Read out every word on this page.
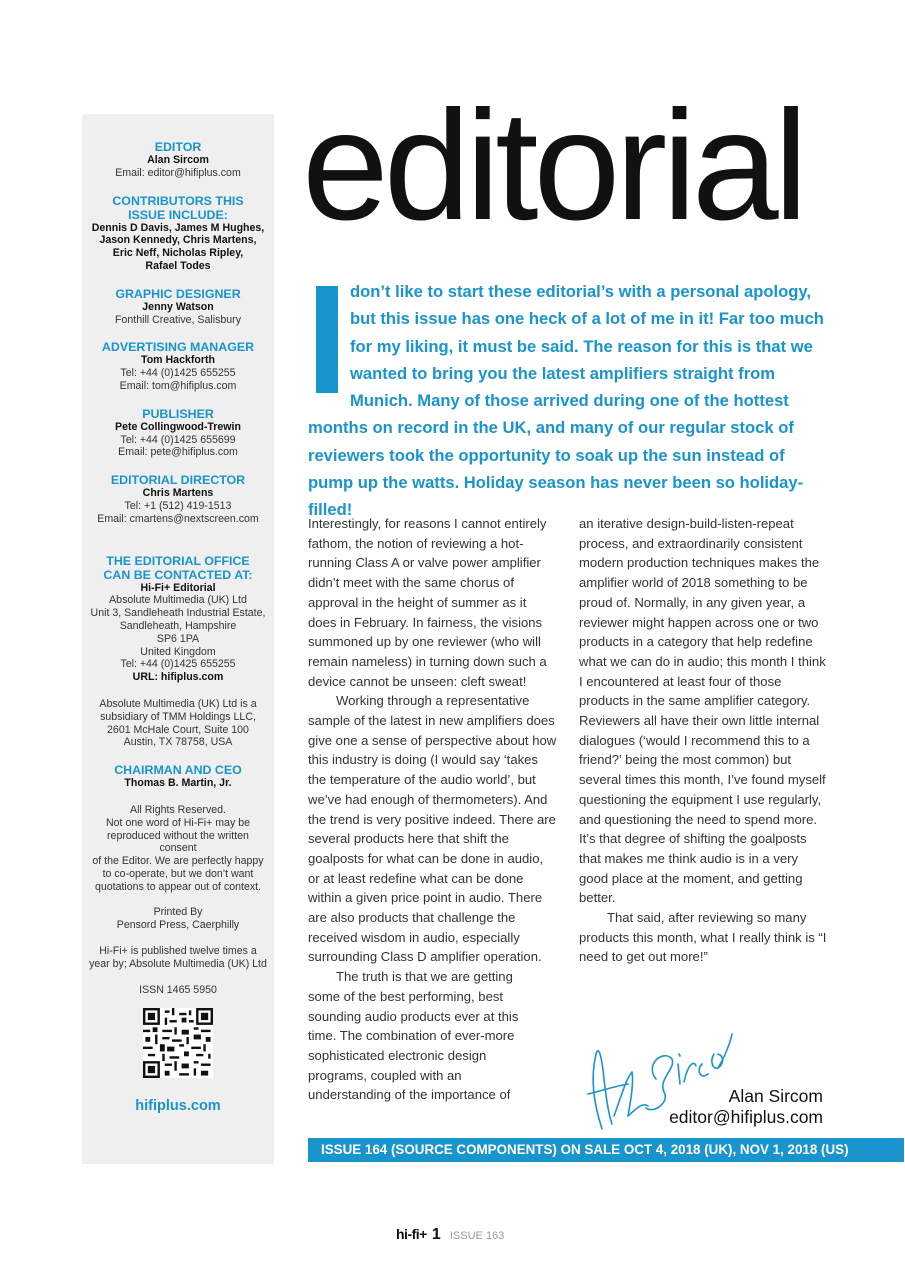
EDITOR
Alan Sircom
Email: editor@hifiplus.com
CONTRIBUTORS THIS
ISSUE INCLUDE:
Dennis D Davis, James M Hughes,
Jason Kennedy, Chris Martens,
Eric Neff, Nicholas Ripley,
Rafael Todes
GRAPHIC DESIGNER
Jenny Watson
Fonthill Creative, Salisbury
ADVERTISING MANAGER
Tom Hackforth
Tel: +44 (0)1425 655255
Email: tom@hifiplus.com
PUBLISHER
Pete Collingwood-Trewin
Tel: +44 (0)1425 655699
Email: pete@hifiplus.com
EDITORIAL DIRECTOR
Chris Martens
Tel: +1 (512) 419-1513
Email: cmartens@nextscreen.com
THE EDITORIAL OFFICE
CAN BE CONTACTED AT:
Hi-Fi+ Editorial
Absolute Multimedia (UK) Ltd
Unit 3, Sandleheath Industrial Estate,
Sandleheath, Hampshire
SP6 1PA
United Kingdom
Tel: +44 (0)1425 655255
URL: hifiplus.com
Absolute Multimedia (UK) Ltd is a
subsidiary of TMM Holdings LLC,
2601 McHale Court, Suite 100
Austin, TX 78758, USA
CHAIRMAN AND CEO
Thomas B. Martin, Jr.
All Rights Reserved.
Not one word of Hi-Fi+ may be
reproduced without the written consent
of the Editor. We are perfectly happy
to co-operate, but we don’t want
quotations to appear out of context.
Printed By
Pensord Press, Caerphilly
Hi-Fi+ is published twelve times a
year by; Absolute Multimedia (UK) Ltd
ISSN 1465 5950
hifiplus.com
editorial
don’t like to start these editorial’s with a personal apology, but this issue has one heck of a lot of me in it! Far too much for my liking, it must be said. The reason for this is that we wanted to bring you the latest amplifiers straight from Munich. Many of those arrived during one of the hottest months on record in the UK, and many of our regular stock of reviewers took the opportunity to soak up the sun instead of pump up the watts. Holiday season has never been so holiday-filled!

Interestingly, for reasons I cannot entirely fathom, the notion of reviewing a hot-running Class A or valve power amplifier didn’t meet with the same chorus of approval in the height of summer as it does in February. In fairness, the visions summoned up by one reviewer (who will remain nameless) in turning down such a device cannot be unseen: cleft sweat!

Working through a representative sample of the latest in new amplifiers does give one a sense of perspective about how this industry is doing (I would say ‘takes the temperature of the audio world’, but we’ve had enough of thermometers). And the trend is very positive indeed. There are several products here that shift the goalposts for what can be done in audio, or at least redefine what can be done within a given price point in audio. There are also products that challenge the received wisdom in audio, especially surrounding Class D amplifier operation.

The truth is that we are getting some of the best performing, best sounding audio products ever at this time. The combination of ever-more sophisticated electronic design programs, coupled with an understanding of the importance of

an iterative design-build-listen-repeat process, and extraordinarily consistent modern production techniques makes the amplifier world of 2018 something to be proud of. Normally, in any given year, a reviewer might happen across one or two products in a category that help redefine what we can do in audio; this month I think I encountered at least four of those products in the same amplifier category. Reviewers all have their own little internal dialogues (‘would I recommend this to a friend?’ being the most common) but several times this month, I’ve found myself questioning the equipment I use regularly, and questioning the need to spend more. It’s that degree of shifting the goalposts that makes me think audio is in a very good place at the moment, and getting better.

That said, after reviewing so many products this month, what I really think is “I need to get out more!”

Alan Sircom
editor@hifiplus.com
ISSUE 164 (SOURCE COMPONENTS) ON SALE OCT 4, 2018 (UK), NOV 1, 2018 (US)
hi-fi+ 1 ISSUE 163
